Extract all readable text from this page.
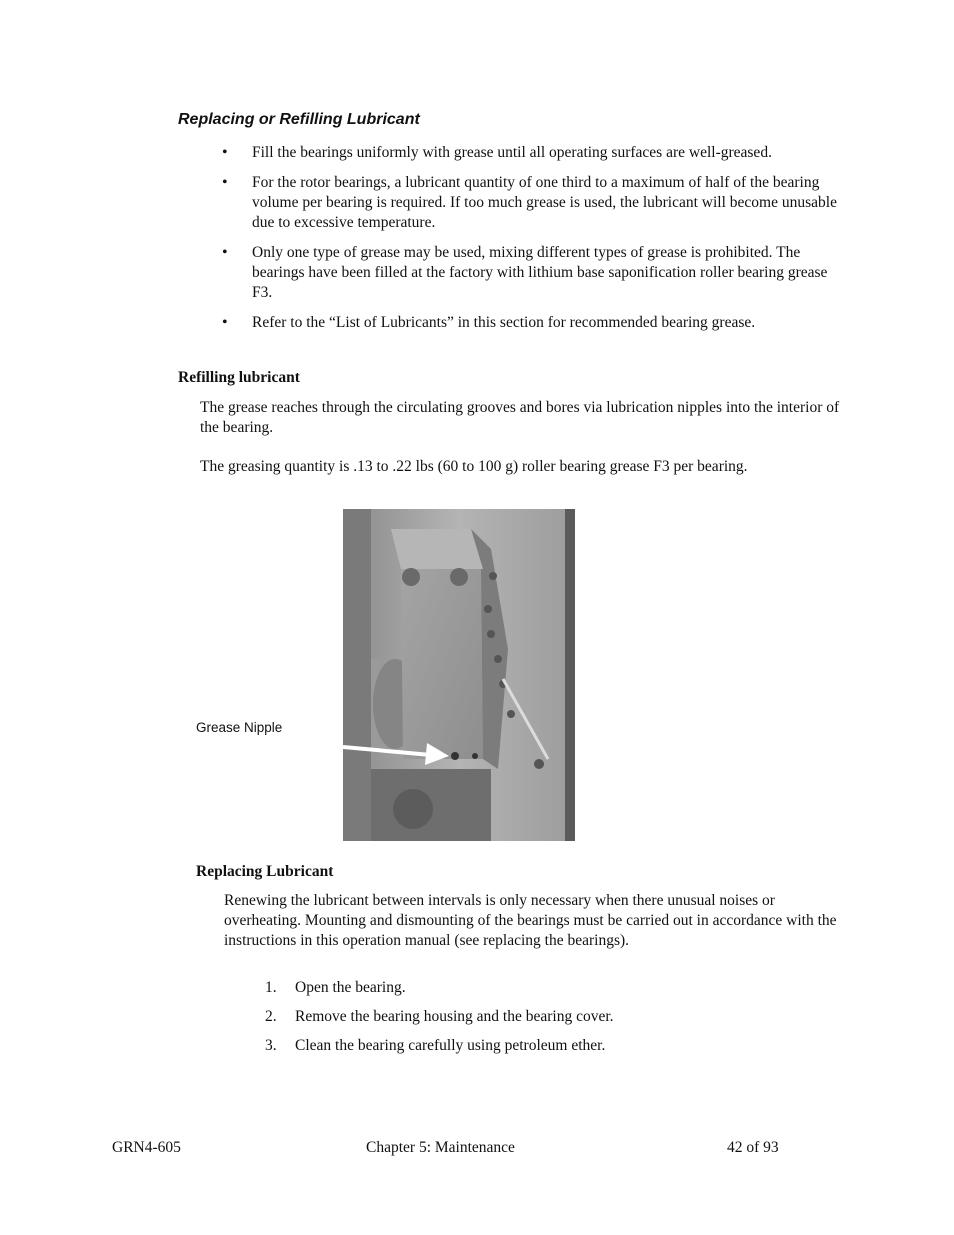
Replacing or Refilling Lubricant
• Fill the bearings uniformly with grease until all operating surfaces are well-greased.
• For the rotor bearings, a lubricant quantity of one third to a maximum of half of the bearing volume per bearing is required. If too much grease is used, the lubricant will become unusable due to excessive temperature.
• Only one type of grease may be used, mixing different types of grease is prohibited. The bearings have been filled at the factory with lithium base saponification roller bearing grease F3.
• Refer to the “List of Lubricants” in this section for recommended bearing grease.
Refilling lubricant
The grease reaches through the circulating grooves and bores via lubrication nipples into the interior of the bearing.
The greasing quantity is .13 to .22 lbs (60 to 100 g) roller bearing grease F3 per bearing.
Grease Nipple
Replacing Lubricant
Renewing the lubricant between intervals is only necessary when there unusual noises or overheating. Mounting and dismounting of the bearings must be carried out in accordance with the instructions in this operation manual (see replacing the bearings).
1. Open the bearing.
2. Remove the bearing housing and the bearing cover.
3. Clean the bearing carefully using petroleum ether.
GRN4-605	Chapter 5: Maintenance	42 of 93
